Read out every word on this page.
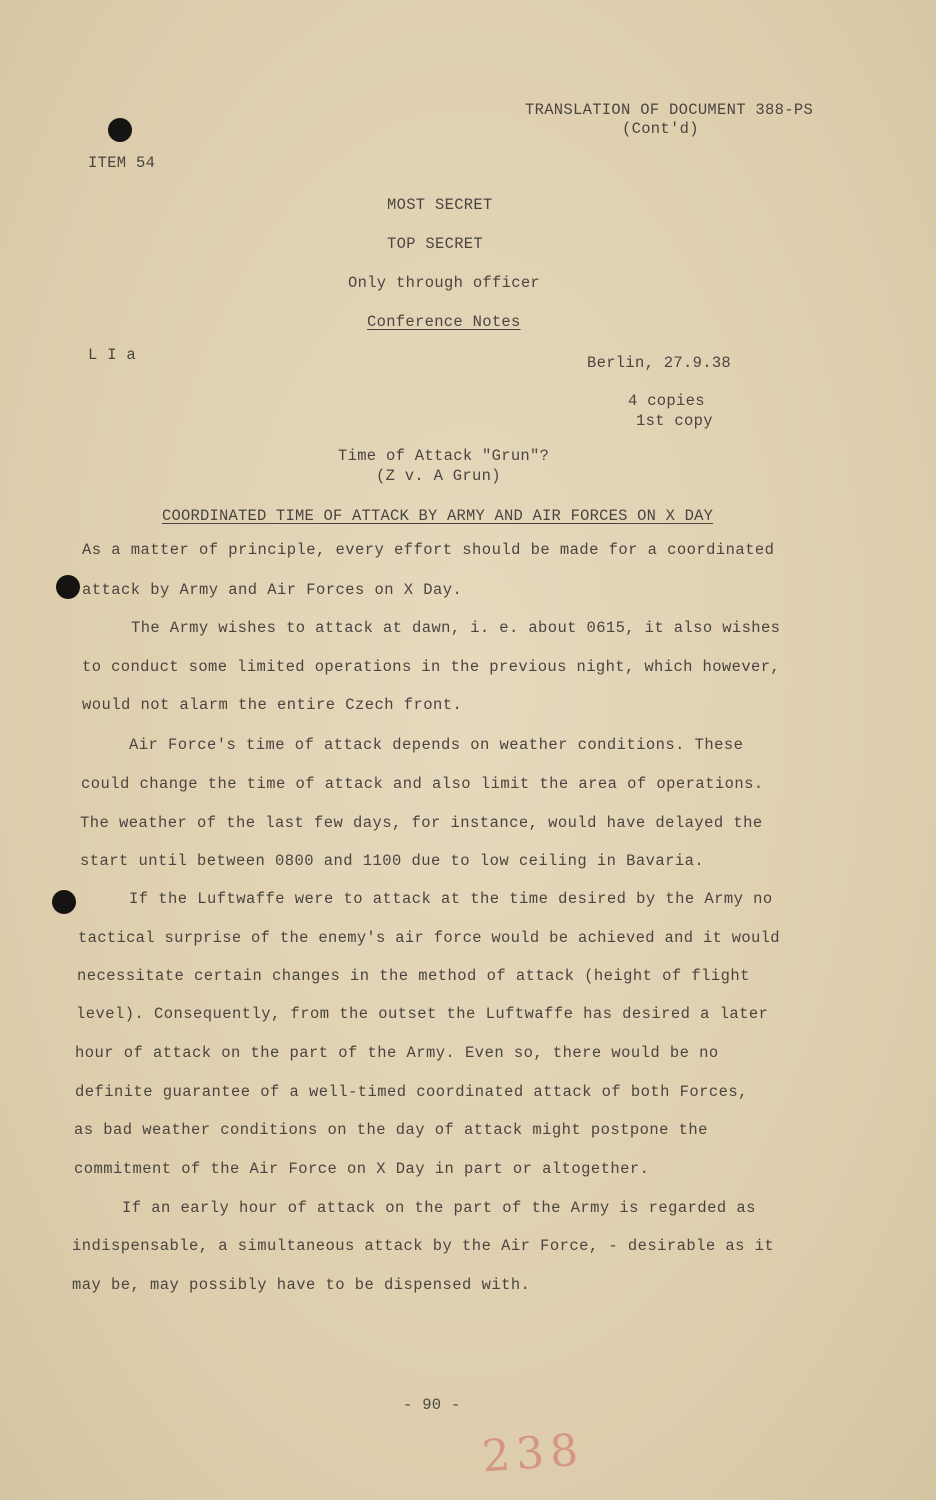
TRANSLATION OF DOCUMENT 388-PS
(Cont'd)
ITEM 54
MOST SECRET
TOP SECRET
Only through officer
Conference Notes
L I a	Berlin, 27.9.38
4 copies
1st copy
Time of Attack "Grun"?
(Z v. A Grun)
COORDINATED TIME OF ATTACK BY ARMY AND AIR FORCES ON X DAY
As a matter of principle, every effort should be made for a coordinated
attack by Army and Air Forces on X Day.
The Army wishes to attack at dawn, i. e. about 0615, it also wishes
to conduct some limited operations in the previous night, which however,
would not alarm the entire Czech front.
Air Force's time of attack depends on weather conditions. These
could change the time of attack and also limit the area of operations.
The weather of the last few days, for instance, would have delayed the
start until between 0800 and 1100 due to low ceiling in Bavaria.
If the Luftwaffe were to attack at the time desired by the Army no
tactical surprise of the enemy's air force would be achieved and it would
necessitate certain changes in the method of attack (height of flight
level). Consequently, from the outset the Luftwaffe has desired a later
hour of attack on the part of the Army. Even so, there would be no
definite guarantee of a well-timed coordinated attack of both Forces,
as bad weather conditions on the day of attack might postpone the
commitment of the Air Force on X Day in part or altogether.
If an early hour of attack on the part of the Army is regarded as
indispensable, a simultaneous attack by the Air Force, - desirable as it
may be, may possibly have to be dispensed with.
- 90 -
238
